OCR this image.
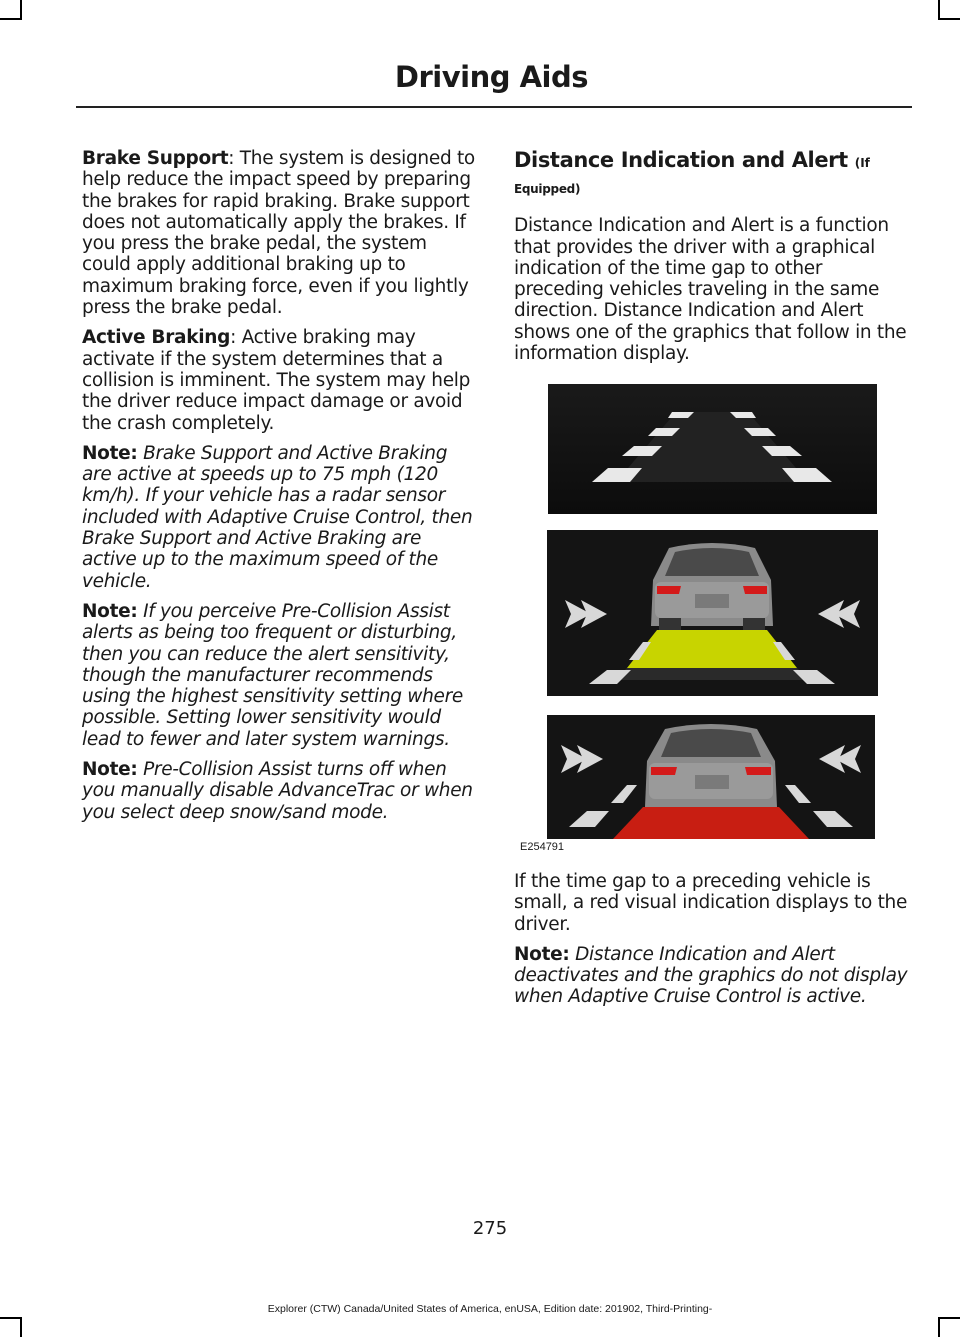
Driving Aids

Brake Support: The system is designed to help reduce the impact speed by preparing the brakes for rapid braking. Brake support does not automatically apply the brakes. If you press the brake pedal, the system could apply additional braking up to maximum braking force, even if you lightly press the brake pedal.

Active Braking: Active braking may activate if the system determines that a collision is imminent. The system may help the driver reduce impact damage or avoid the crash completely.

Note: Brake Support and Active Braking are active at speeds up to 75 mph (120 km/h). If your vehicle has a radar sensor included with Adaptive Cruise Control, then Brake Support and Active Braking are active up to the maximum speed of the vehicle.

Note: If you perceive Pre-Collision Assist alerts as being too frequent or disturbing, then you can reduce the alert sensitivity, though the manufacturer recommends using the highest sensitivity setting where possible. Setting lower sensitivity would lead to fewer and later system warnings.

Note: Pre-Collision Assist turns off when you manually disable AdvanceTrac or when you select deep snow/sand mode.

Distance Indication and Alert (If
Equipped)

Distance Indication and Alert is a function that provides the driver with a graphical indication of the time gap to other preceding vehicles traveling in the same direction. Distance Indication and Alert shows one of the graphics that follow in the information display.

E254791

If the time gap to a preceding vehicle is small, a red visual indication displays to the driver.

Note: Distance Indication and Alert deactivates and the graphics do not display when Adaptive Cruise Control is active.

275
Explorer (CTW) Canada/United States of America, enUSA, Edition date: 201902, Third-Printing-
